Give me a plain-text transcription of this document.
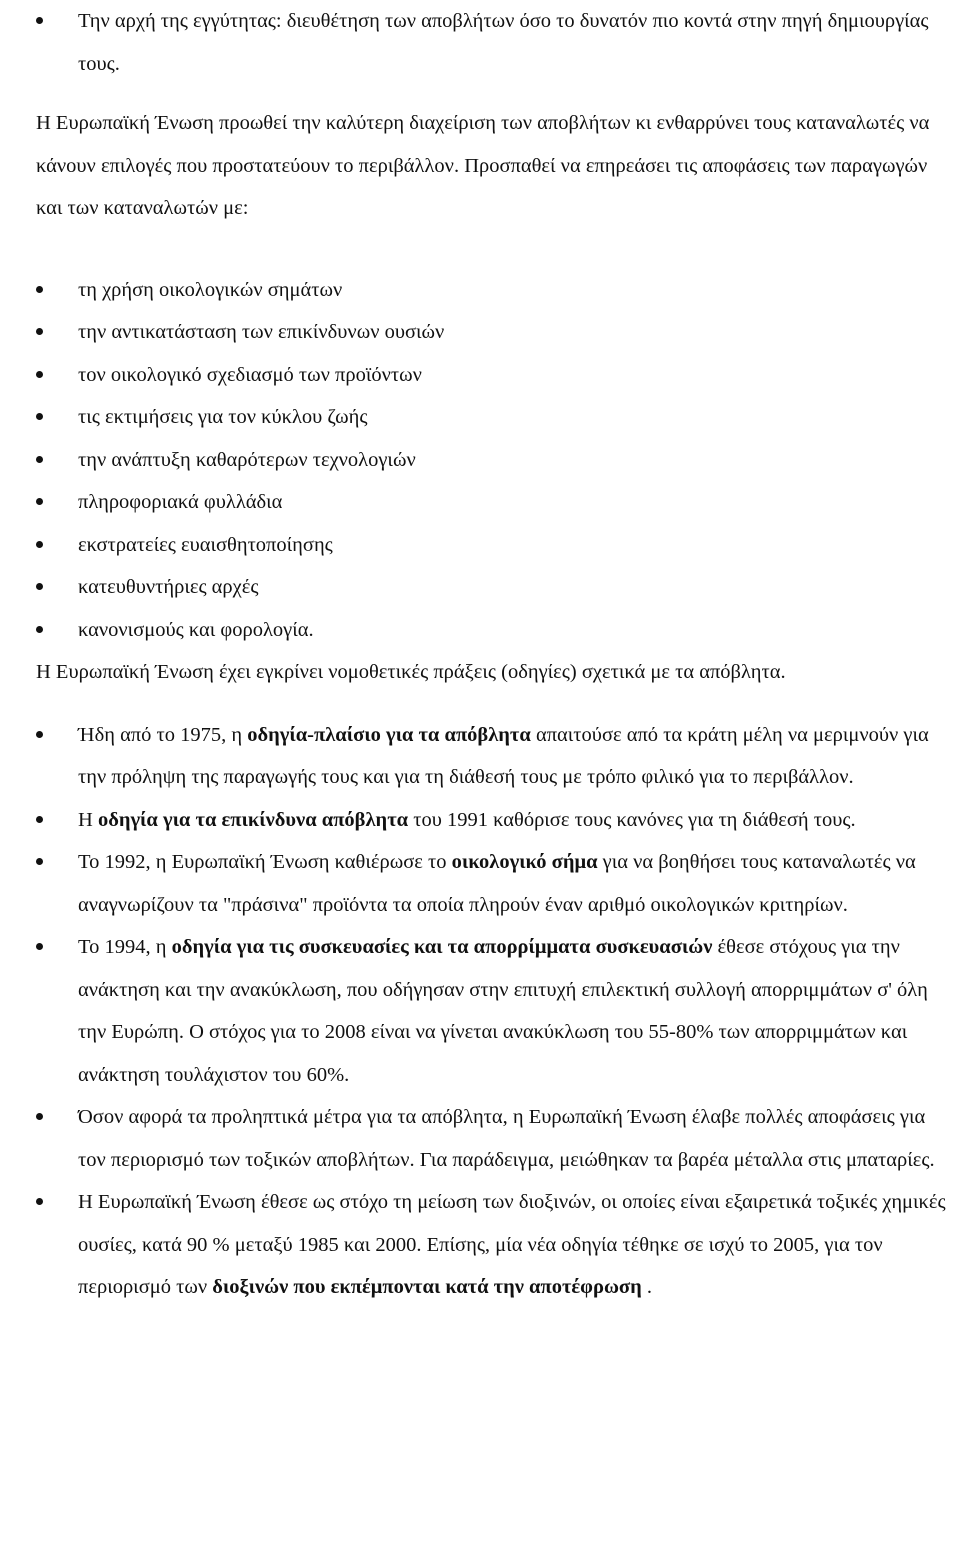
Την αρχή της εγγύτητας: διευθέτηση των αποβλήτων όσο το δυνατόν πιο κοντά στην πηγή δημιουργίας τους.

Η Ευρωπαϊκή Ένωση προωθεί την καλύτερη διαχείριση των αποβλήτων κι ενθαρρύνει τους καταναλωτές να κάνουν επιλογές που προστατεύουν το περιβάλλον. Προσπαθεί να επηρεάσει τις αποφάσεις των παραγωγών και των καταναλωτών με:

τη χρήση οικολογικών σημάτων
την αντικατάσταση των επικίνδυνων ουσιών
τον οικολογικό σχεδιασμό των προϊόντων
τις εκτιμήσεις για τον κύκλου ζωής
την ανάπτυξη καθαρότερων τεχνολογιών
πληροφοριακά φυλλάδια
εκστρατείες ευαισθητοποίησης
κατευθυντήριες αρχές
κανονισμούς και φορολογία.

Η Ευρωπαϊκή Ένωση έχει εγκρίνει νομοθετικές πράξεις (οδηγίες) σχετικά με τα απόβλητα.

Ήδη από το 1975, η οδηγία-πλαίσιο για τα απόβλητα απαιτούσε από τα κράτη μέλη να μεριμνούν για την πρόληψη της παραγωγής τους και για τη διάθεσή τους με τρόπο φιλικό για το περιβάλλον.
Η οδηγία για τα επικίνδυνα απόβλητα του 1991 καθόρισε τους κανόνες για τη διάθεσή τους.
Το 1992, η Ευρωπαϊκή Ένωση καθιέρωσε το οικολογικό σήμα για να βοηθήσει τους καταναλωτές να αναγνωρίζουν τα "πράσινα" προϊόντα τα οποία πληρούν έναν αριθμό οικολογικών κριτηρίων.
Το 1994, η οδηγία για τις συσκευασίες και τα απορρίμματα συσκευασιών έθεσε στόχους για την ανάκτηση και την ανακύκλωση, που οδήγησαν στην επιτυχή επιλεκτική συλλογή απορριμμάτων σ' όλη την Ευρώπη. Ο στόχος για το 2008 είναι να γίνεται ανακύκλωση του 55-80% των απορριμμάτων και ανάκτηση τουλάχιστον του 60%.
Όσον αφορά τα προληπτικά μέτρα για τα απόβλητα, η Ευρωπαϊκή Ένωση έλαβε πολλές αποφάσεις για τον περιορισμό των τοξικών αποβλήτων. Για παράδειγμα, μειώθηκαν τα βαρέα μέταλλα στις μπαταρίες.
Η Ευρωπαϊκή Ένωση έθεσε ως στόχο τη μείωση των διοξινών, οι οποίες είναι εξαιρετικά τοξικές χημικές ουσίες, κατά 90 % μεταξύ 1985 και 2000. Επίσης, μία νέα οδηγία τέθηκε σε ισχύ το 2005, για τον περιορισμό των διοξινών που εκπέμπονται κατά την αποτέφρωση .
